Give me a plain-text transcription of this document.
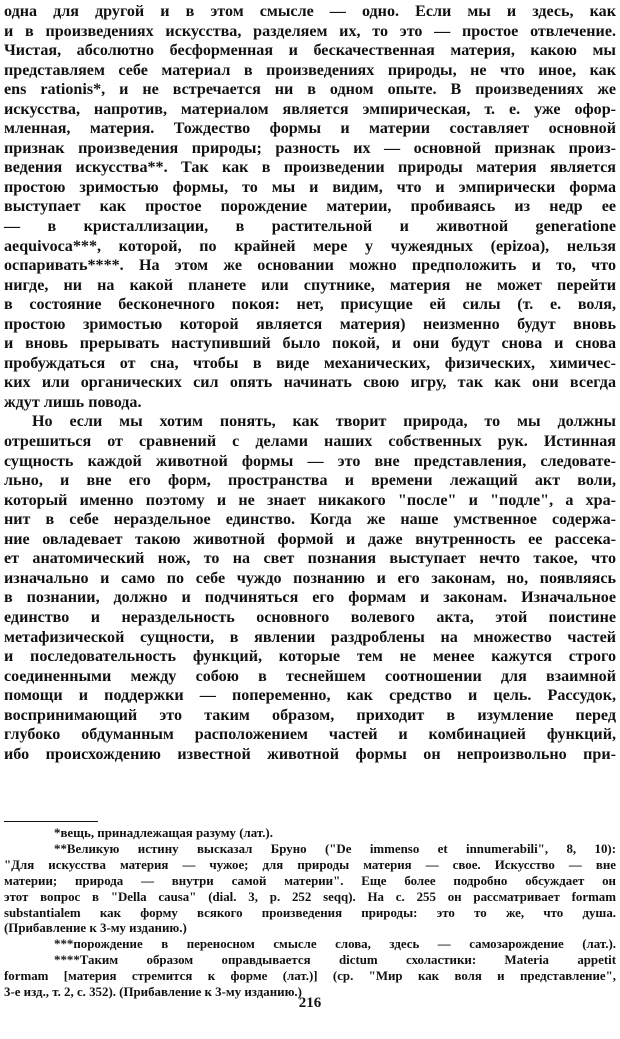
одна для другой и в этом смысле — одно. Если мы и здесь, как
и в произведениях искусства, разделяем их, то это — простое отвлечение.
Чистая, абсолютно бесформенная и бескачественная материя, какою мы
представляем себе материал в произведениях природы, не что иное, как
ens rationis*, и не встречается ни в одном опыте. В произведениях же
искусства, напротив, материалом является эмпирическая, т. е. уже офор-
мленная, материя. Тождество формы и материи составляет основной
признак произведения природы; разность их — основной признак произ-
ведения искусства**. Так как в произведении природы материя является
простою зримостью формы, то мы и видим, что и эмпирически форма
выступает как простое порождение материи, пробиваясь из недр ее
— в кристаллизации, в растительной и животной generatione
aequivoca***, которой, по крайней мере у чужеядных (epizoa), нельзя
оспаривать****. На этом же основании можно предположить и то, что
нигде, ни на какой планете или спутнике, материя не может перейти
в состояние бесконечного покоя: нет, присущие ей силы (т. е. воля,
простою зримостью которой является материя) неизменно будут вновь
и вновь прерывать наступивший было покой, и они будут снова и снова
пробуждаться от сна, чтобы в виде механических, физических, химичес-
ких или органических сил опять начинать свою игру, так как они всегда
ждут лишь повода.
Но если мы хотим понять, как творит природа, то мы должны
отрешиться от сравнений с делами наших собственных рук. Истинная
сущность каждой животной формы — это вне представления, следовате-
льно, и вне его форм, пространства и времени лежащий акт воли,
который именно поэтому и не знает никакого "после" и "подле", а хра-
нит в себе нераздельное единство. Когда же наше умственное содержа-
ние овладевает такою животной формой и даже внутренность ее рассека-
ет анатомический нож, то на свет познания выступает нечто такое, что
изначально и само по себе чуждо познанию и его законам, но, появляясь
в познании, должно и подчиняться его формам и законам. Изначальное
единство и нераздельность основного волевого акта, этой поистине
метафизической сущности, в явлении раздроблены на множество частей
и последовательность функций, которые тем не менее кажутся строго
соединенными между собою в теснейшем соотношении для взаимной
помощи и поддержки — попеременно, как средство и цель. Рассудок,
воспринимающий это таким образом, приходит в изумление перед
глубоко обдуманным расположением частей и комбинацией функций,
ибо происхождению известной животной формы он непроизвольно при-
*вещь, принадлежащая разуму (лат.).
**Великую истину высказал Бруно ("De immenso et innumerabili", 8, 10):
"Для искусства материя — чужое; для природы материя — свое. Искусство — вне
материи; природа — внутри самой материи". Еще более подробно обсуждает он
этот вопрос в "Della causa" (dial. 3, p. 252 seqq). На с. 255 он рассматривает formam
substantialem как форму всякого произведения природы: это то же, что душа.
(Прибавление к 3-му изданию.)
***порождение в переносном смысле слова, здесь — самозарождение (лат.).
****Таким образом оправдывается dictum схоластики: Materia appetit
formam [материя стремится к форме (лат.)] (ср. "Мир как воля и представление",
3-е изд., т. 2, с. 352). (Прибавление к 3-му изданию.)
216
